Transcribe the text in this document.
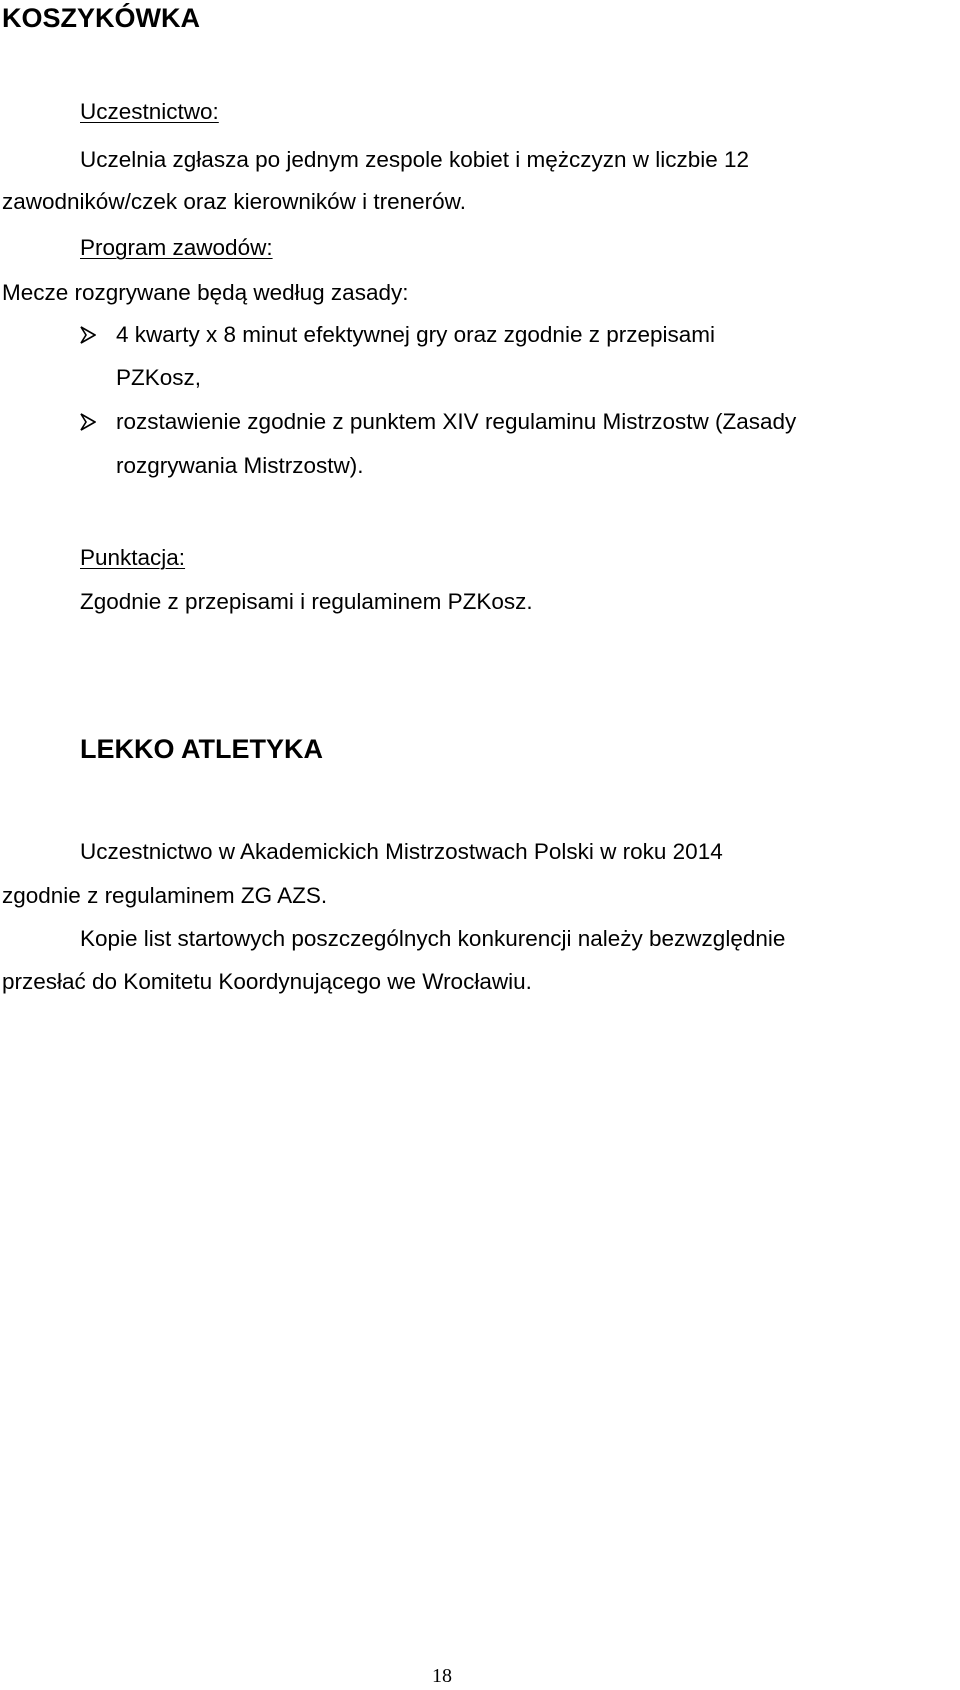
KOSZYKÓWKA
Uczestnictwo:
Uczelnia zgłasza po jednym zespole kobiet i mężczyzn w liczbie 12
zawodników/czek oraz kierowników i trenerów.
Program zawodów:
Mecze rozgrywane będą według zasady:
4 kwarty x 8 minut efektywnej gry oraz zgodnie z przepisami
PZKosz,
rozstawienie zgodnie z punktem XIV regulaminu Mistrzostw (Zasady
rozgrywania Mistrzostw).
Punktacja:
Zgodnie z przepisami i regulaminem PZKosz.
LEKKO ATLETYKA
Uczestnictwo w Akademickich Mistrzostwach Polski w roku 2014
zgodnie z regulaminem ZG AZS.
Kopie list startowych poszczególnych konkurencji należy bezwzględnie
przesłać do Komitetu Koordynującego we Wrocławiu.
18
